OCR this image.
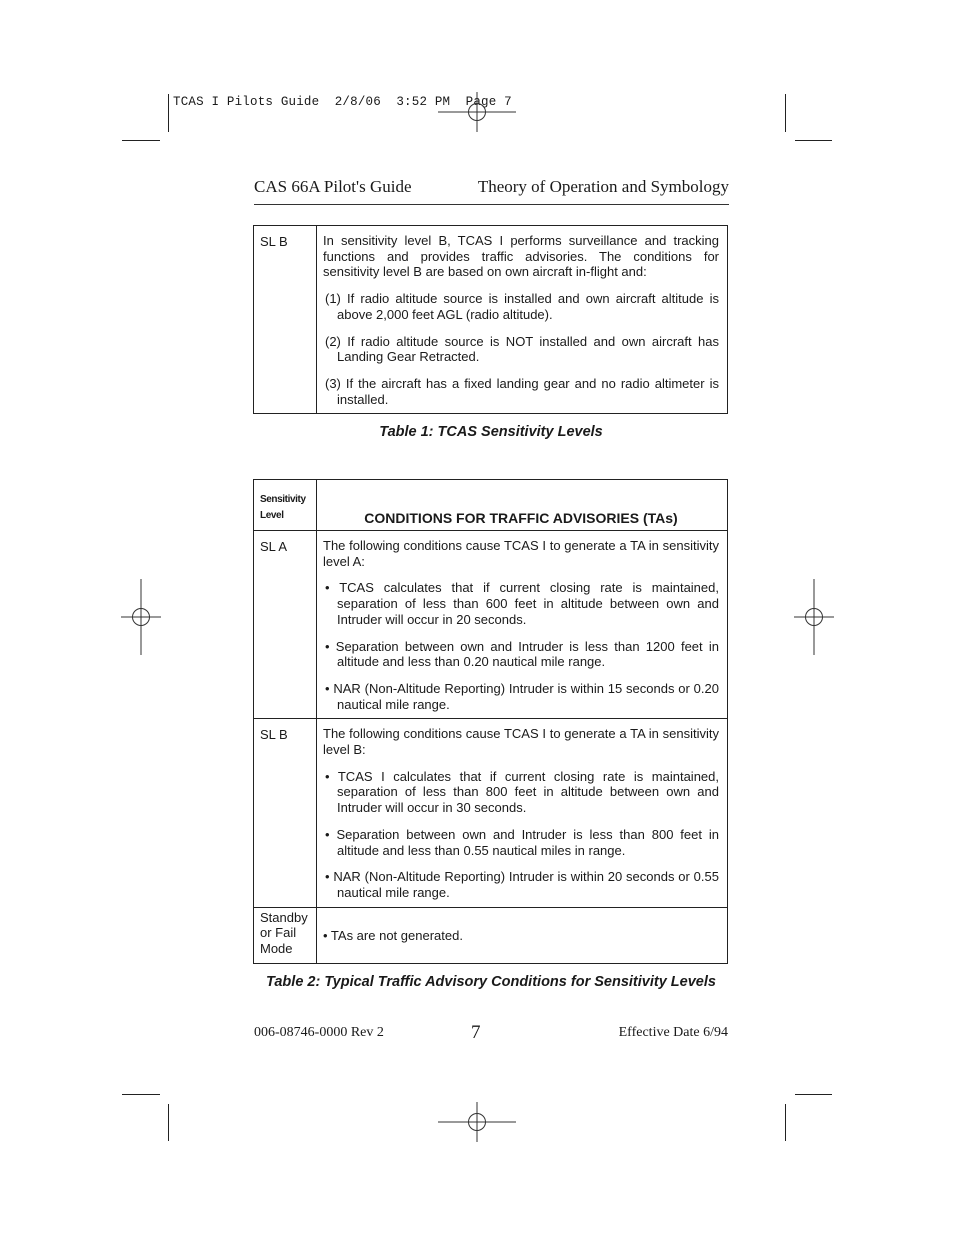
TCAS I Pilots Guide  2/8/06  3:52 PM  Page 7
CAS 66A Pilot's Guide	Theory of Operation and Symbology
SL B	In sensitivity level B, TCAS I performs surveillance and tracking functions and provides traffic advisories. The conditions for sensitivity level B are based on own aircraft in-flight and:
(1) If radio altitude source is installed and own aircraft altitude is above 2,000 feet AGL (radio altitude).
(2) If radio altitude source is NOT installed and own aircraft has Landing Gear Retracted.
(3) If the aircraft has a fixed landing gear and no radio altimeter is installed.
Table 1: TCAS Sensitivity Levels
Sensitivity
Level	CONDITIONS FOR TRAFFIC ADVISORIES (TAs)
SL A	The following conditions cause TCAS I to generate a TA in sensitivity level A:
• TCAS calculates that if current closing rate is maintained, separation of less than 600 feet in altitude between own and Intruder will occur in 20 seconds.
• Separation between own and Intruder is less than 1200 feet in altitude and less than 0.20 nautical mile range.
• NAR (Non-Altitude Reporting) Intruder is within 15 seconds or 0.20 nautical mile range.

SL B	The following conditions cause TCAS I to generate a TA in sensitivity level B:
• TCAS I calculates that if current closing rate is maintained, separation of less than 800 feet in altitude between own and Intruder will occur in 30 seconds.
• Separation between own and Intruder is less than 800 feet in altitude and less than 0.55 nautical miles in range.
• NAR (Non-Altitude Reporting) Intruder is within 20 seconds or 0.55 nautical mile range.

Standby
or Fail
Mode	• TAs are not generated.
Table 2: Typical Traffic Advisory Conditions for Sensitivity Levels
006-08746-0000 Rev 2	7	Effective Date 6/94
